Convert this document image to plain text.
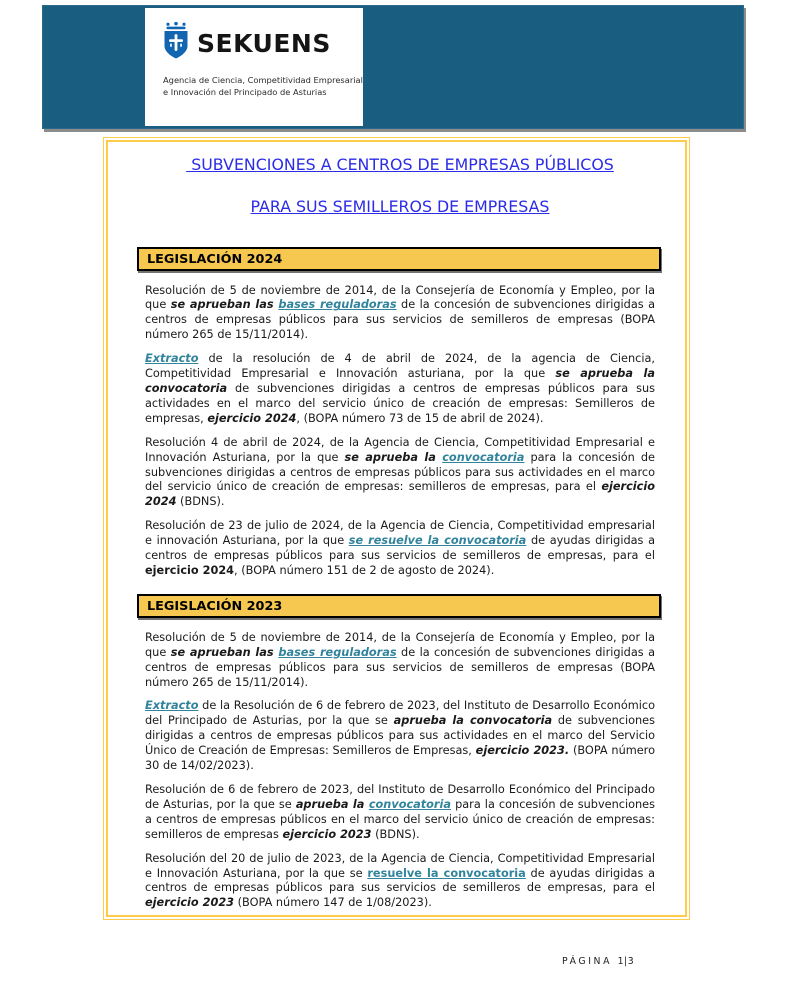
SEKUENS
Agencia de Ciencia, Competitividad Empresarial
e Innovación del Principado de Asturias
SUBVENCIONES A CENTROS DE EMPRESAS PÚBLICOS

PARA SUS SEMILLEROS DE EMPRESAS
LEGISLACIÓN 2024

Resolución de 5 de noviembre de 2014, de la Consejería de Economía y Empleo, por la que se aprueban las bases reguladoras de la concesión de subvenciones dirigidas a centros de empresas públicos para sus servicios de semilleros de empresas (BOPA número 265 de 15/11/2014).

Extracto de la resolución de 4 de abril de 2024, de la agencia de Ciencia, Competitividad Empresarial e Innovación asturiana, por la que se aprueba la convocatoria de subvenciones dirigidas a centros de empresas públicos para sus actividades en el marco del servicio único de creación de empresas: Semilleros de empresas, ejercicio 2024, (BOPA número 73 de 15 de abril de 2024).

Resolución 4 de abril de 2024, de la Agencia de Ciencia, Competitividad Empresarial e Innovación Asturiana, por la que se aprueba la convocatoria para la concesión de subvenciones dirigidas a centros de empresas públicos para sus actividades en el marco del servicio único de creación de empresas: semilleros de empresas, para el ejercicio 2024 (BDNS).

Resolución de 23 de julio de 2024, de la Agencia de Ciencia, Competitividad empresarial e innovación Asturiana, por la que se resuelve la convocatoria de ayudas dirigidas a centros de empresas públicos para sus servicios de semilleros de empresas, para el ejercicio 2024, (BOPA número 151 de 2 de agosto de 2024).

LEGISLACIÓN 2023

Resolución de 5 de noviembre de 2014, de la Consejería de Economía y Empleo, por la que se aprueban las bases reguladoras de la concesión de subvenciones dirigidas a centros de empresas públicos para sus servicios de semilleros de empresas (BOPA número 265 de 15/11/2014).

Extracto de la Resolución de 6 de febrero de 2023, del Instituto de Desarrollo Económico del Principado de Asturias, por la que se aprueba la convocatoria de subvenciones dirigidas a centros de empresas públicos para sus actividades en el marco del Servicio Único de Creación de Empresas: Semilleros de Empresas, ejercicio 2023. (BOPA número 30 de 14/02/2023).

Resolución de 6 de febrero de 2023, del Instituto de Desarrollo Económico del Principado de Asturias, por la que se aprueba la convocatoria para la concesión de subvenciones a centros de empresas públicos en el marco del servicio único de creación de empresas: semilleros de empresas ejercicio 2023 (BDNS).

Resolución del 20 de julio de 2023, de la Agencia de Ciencia, Competitividad Empresarial e Innovación Asturiana, por la que se resuelve la convocatoria de ayudas dirigidas a centros de empresas públicos para sus servicios de semilleros de empresas, para el ejercicio 2023 (BOPA número 147 de 1/08/2023).

PÁGINA 1|3
